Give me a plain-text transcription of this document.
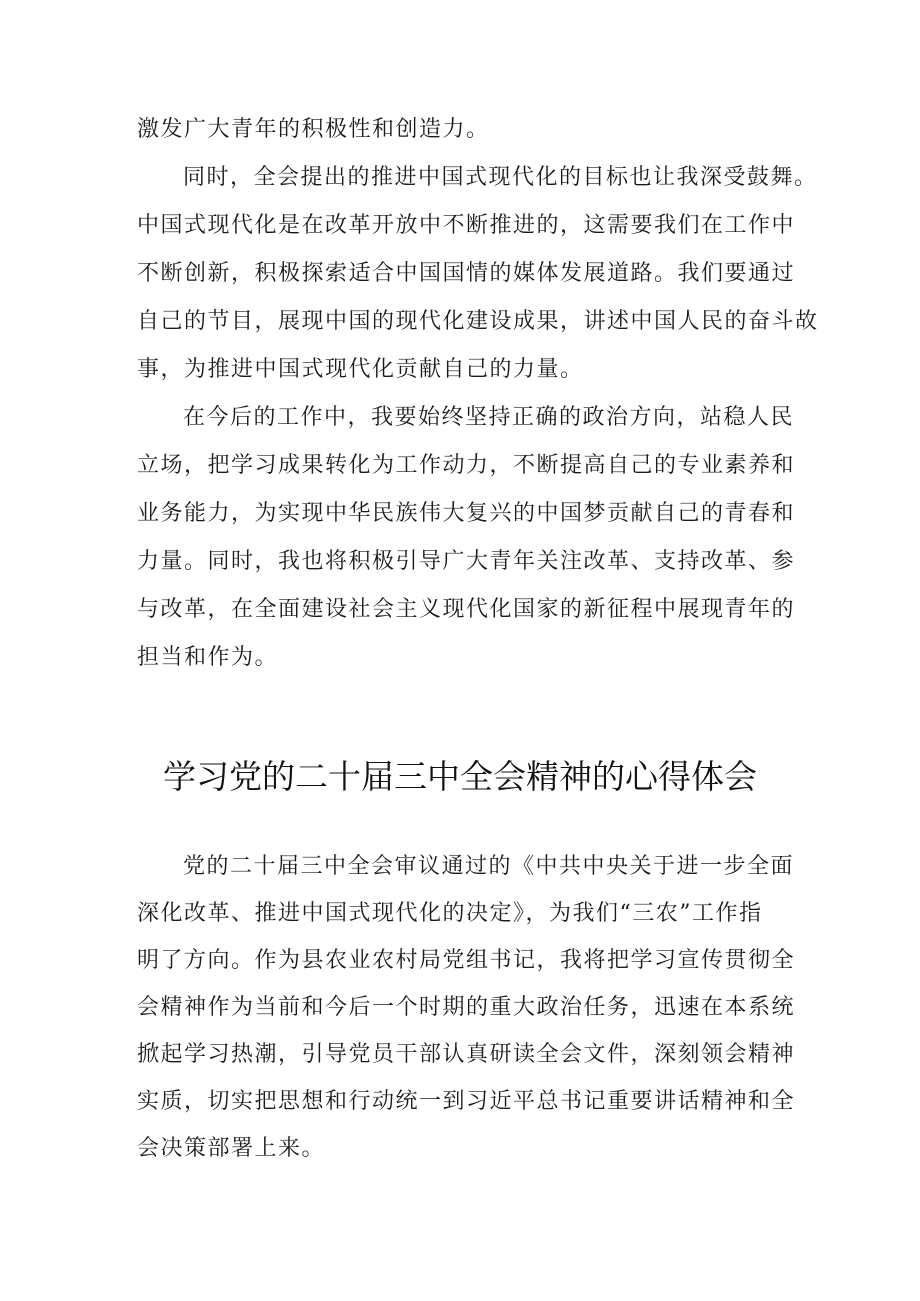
激发广大青年的积极性和创造力。
同时，全会提出的推进中国式现代化的目标也让我深受鼓舞。
中国式现代化是在改革开放中不断推进的，这需要我们在工作中
不断创新，积极探索适合中国国情的媒体发展道路。我们要通过
自己的节目，展现中国的现代化建设成果，讲述中国人民的奋斗故
事，为推进中国式现代化贡献自己的力量。
在今后的工作中，我要始终坚持正确的政治方向，站稳人民
立场，把学习成果转化为工作动力，不断提高自己的专业素养和
业务能力，为实现中华民族伟大复兴的中国梦贡献自己的青春和
力量。同时，我也将积极引导广大青年关注改革、支持改革、参
与改革，在全面建设社会主义现代化国家的新征程中展现青年的
担当和作为。
学习党的二十届三中全会精神的心得体会
党的二十届三中全会审议通过的《中共中央关于进一步全面
深化改革、推进中国式现代化的决定》，为我们“三农”工作指
明了方向。作为县农业农村局党组书记，我将把学习宣传贯彻全
会精神作为当前和今后一个时期的重大政治任务，迅速在本系统
掀起学习热潮，引导党员干部认真研读全会文件，深刻领会精神
实质，切实把思想和行动统一到习近平总书记重要讲话精神和全
会决策部署上来。
